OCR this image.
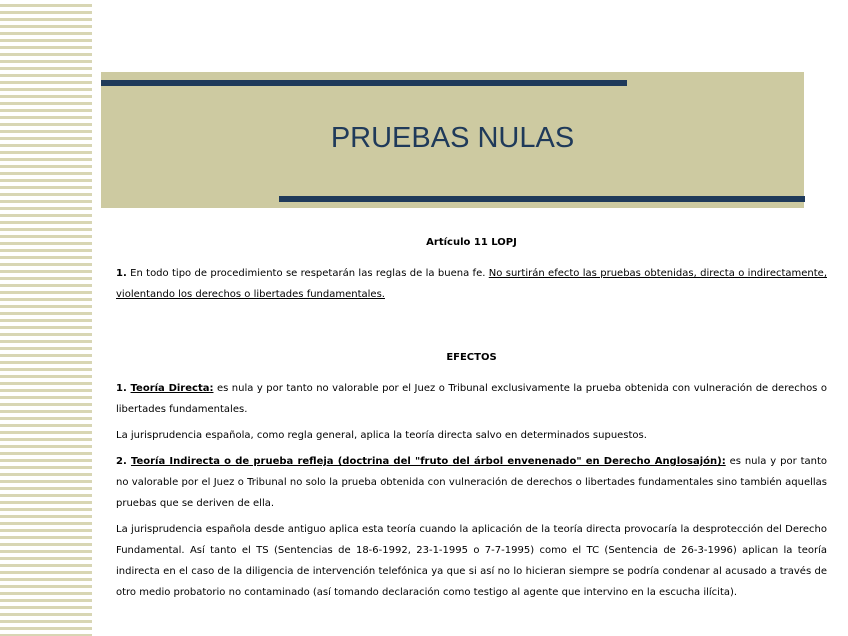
PRUEBAS NULAS

Artículo 11 LOPJ

1. En todo tipo de procedimiento se respetarán las reglas de la buena fe. No surtirán efecto las pruebas obtenidas, directa o indirectamente, violentando los derechos o libertades fundamentales.

EFECTOS

1. Teoría Directa: es nula y por tanto no valorable por el Juez o Tribunal exclusivamente la prueba obtenida con vulneración de derechos o libertades fundamentales.

La jurisprudencia española, como regla general, aplica la teoría directa salvo en determinados supuestos.

2. Teoría Indirecta o de prueba refleja (doctrina del "fruto del árbol envenenado" en Derecho Anglosajón): es nula y por tanto no valorable por el Juez o Tribunal no solo la prueba obtenida con vulneración de derechos o libertades fundamentales sino también aquellas pruebas que se deriven de ella.

La jurisprudencia española desde antiguo aplica esta teoría cuando la aplicación de la teoría directa provocaría la desprotección del Derecho Fundamental. Así tanto el TS (Sentencias de 18-6-1992, 23-1-1995 o 7-7-1995) como el TC (Sentencia de 26-3-1996) aplican la teoría indirecta en el caso de la diligencia de intervención telefónica ya que si así no lo hicieran siempre se podría condenar al acusado a través de otro medio probatorio no contaminado (así tomando declaración como testigo al agente que intervino en la escucha ilícita).
